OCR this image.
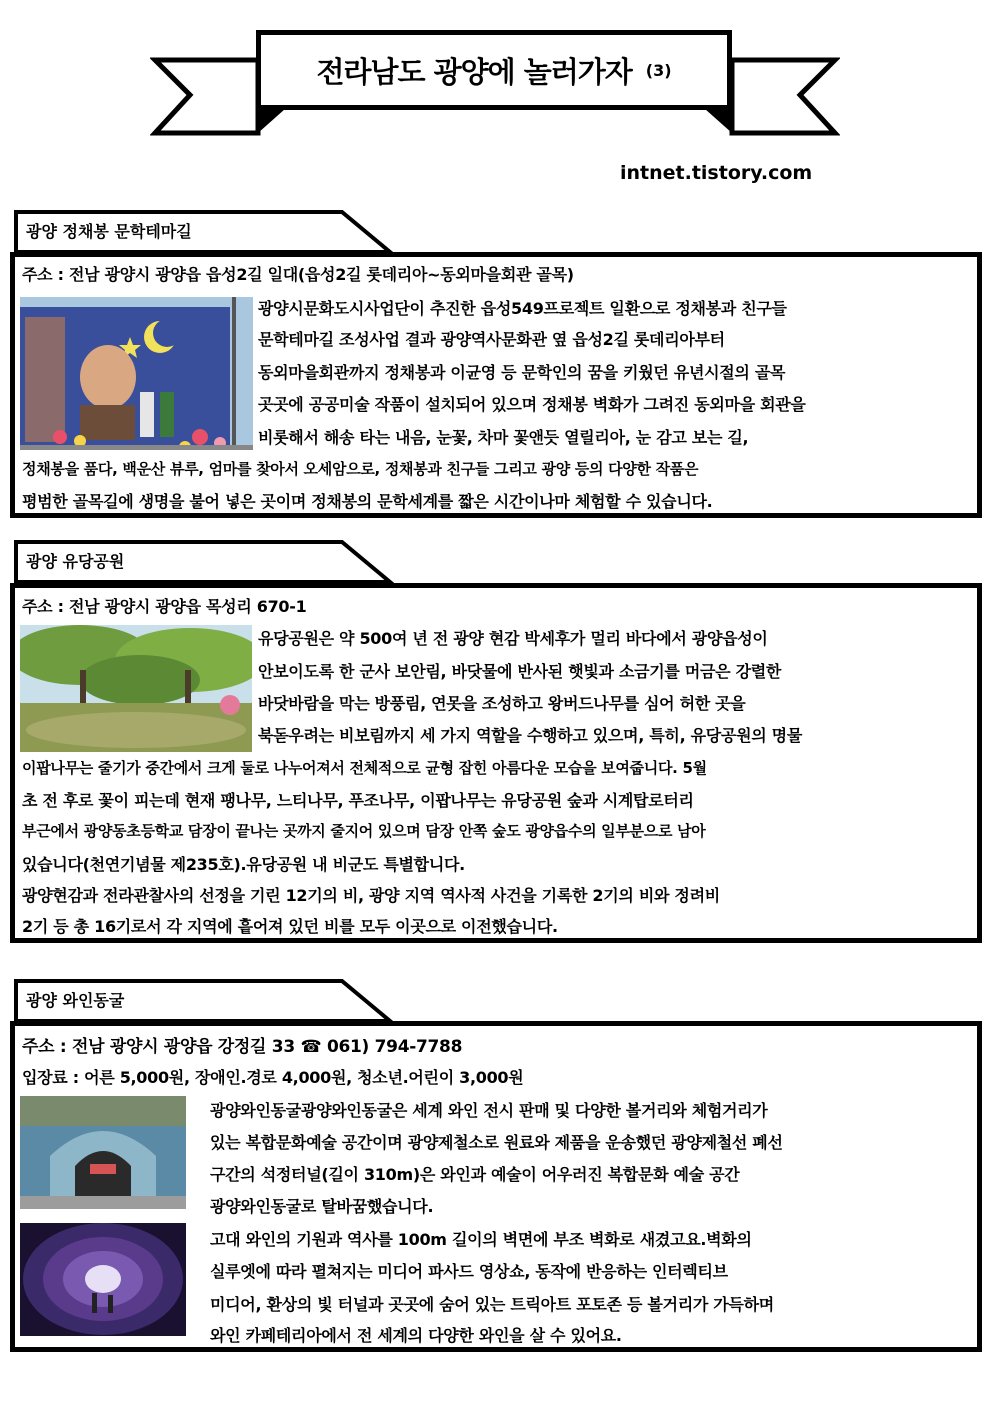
전라남도 광양에 놀러가자 (3)
intnet.tistory.com
광양 정채봉 문학테마길
주소 : 전남 광양시 광양읍 읍성2길 일대(읍성2길 롯데리아~동외마을회관 골목)
광양시문화도시사업단이 추진한 읍성549프로젝트 일환으로 정채봉과 친구들
문학테마길 조성사업 결과 광양역사문화관 옆 읍성2길 롯데리아부터
동외마을회관까지 정채봉과 이균영 등 문학인의 꿈을 키웠던 유년시절의 골목
곳곳에 공공미술 작품이 설치되어 있으며 정채봉 벽화가 그려진 동외마을 회관을
비롯해서 해송 타는 내음, 눈꽃, 차마 꽃앤듯 열릴리아, 눈 감고 보는 길,
정채봉을 품다, 백운산 뷰루, 엄마를 찾아서 오세암으로, 정채봉과 친구들 그리고 광양 등의 다양한 작품은
평범한 골목길에 생명을 불어 넣은 곳이며 정채봉의 문학세계를 짧은 시간이나마 체험할 수 있습니다.
광양 유당공원
주소 : 전남 광양시 광양읍 목성리 670-1
유당공원은 약 500여 년 전 광양 현감 박세후가 멀리 바다에서 광양읍성이
안보이도록 한 군사 보안림, 바닷물에 반사된 햇빛과 소금기를 머금은 강렬한
바닷바람을 막는 방풍림, 연못을 조성하고 왕버드나무를 심어 허한 곳을
북돋우려는 비보림까지 세 가지 역할을 수행하고 있으며, 특히, 유당공원의 명물
이팝나무는 줄기가 중간에서 크게 둘로 나누어져서 전체적으로 균형 잡힌 아름다운 모습을 보여줍니다. 5월
초 전 후로 꽃이 피는데 현재 팽나무, 느티나무, 푸조나무, 이팝나무는 유당공원 숲과 시계탑로터리
부근에서 광양동초등학교 담장이 끝나는 곳까지 줄지어 있으며 담장 안쪽 숲도 광양읍수의 일부분으로 남아
있습니다(천연기념물 제235호).유당공원 내 비군도 특별합니다.
광양현감과 전라관찰사의 선정을 기린 12기의 비, 광양 지역 역사적 사건을 기록한 2기의 비와 정려비
2기 등 총 16기로서 각 지역에 흩어져 있던 비를 모두 이곳으로 이전했습니다.
광양 와인동굴
주소 : 전남 광양시 광양읍 강정길 33 ☎ 061) 794-7788
입장료 : 어른 5,000원, 장애인.경로 4,000원, 청소년.어린이 3,000원
광양와인동굴광양와인동굴은 세계 와인 전시 판매 및 다양한 볼거리와 체험거리가
있는 복합문화예술 공간이며 광양제철소로 원료와 제품을 운송했던 광양제철선 폐선
구간의 석정터널(길이 310m)은 와인과 예술이 어우러진 복합문화 예술 공간
광양와인동굴로 탈바꿈했습니다.
고대 와인의 기원과 역사를 100m 길이의 벽면에 부조 벽화로 새겼고요.벽화의
실루엣에 따라 펼쳐지는 미디어 파사드 영상쇼, 동작에 반응하는 인터렉티브
미디어, 환상의 빛 터널과 곳곳에 숨어 있는 트릭아트 포토존 등 볼거리가 가득하며
와인 카페테리아에서 전 세계의 다양한 와인을 살 수 있어요.
